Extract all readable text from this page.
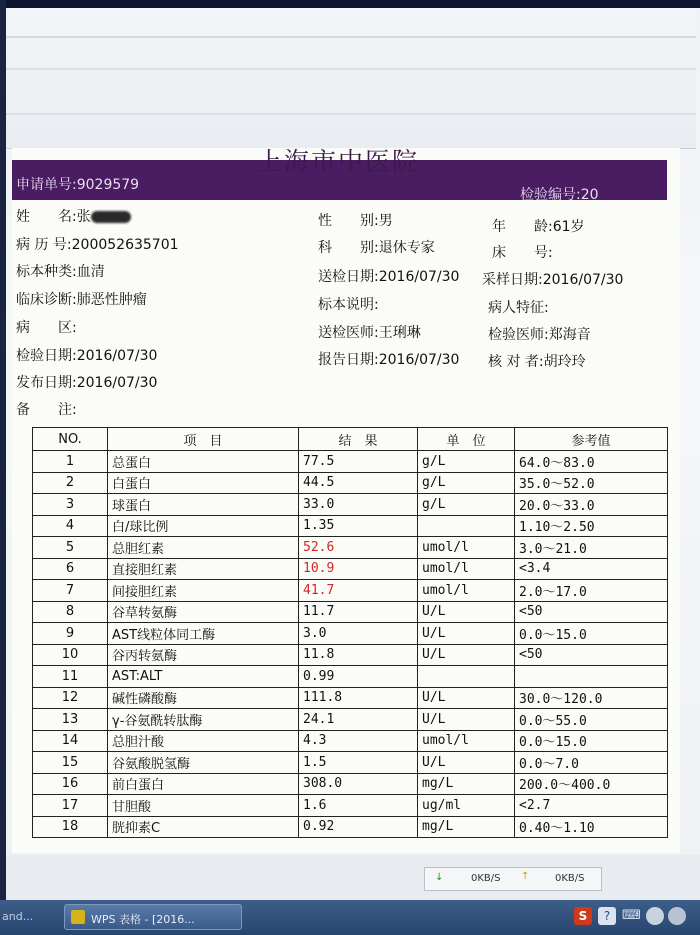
申请单号:9029579
检验编号:20
上海市中医院
姓　　名:张	性　　别:男	年　　龄:61岁
病 历 号:200052635701	科　　别:退休专家	床　　号:
标本种类:血清	送检日期:2016/07/30 采样日期:2016/07/30
临床诊断:肺恶性肿瘤	标本说明:	病人特征:
病　　区:	送检医师:王琍琳	检验医师:郑海音
检验日期:2016/07/30	报告日期:2016/07/30 核 对 者:胡玲玲
发布日期:2016/07/30
备　　注:
NO.	项　目	结　果	单　位	参考值
1	总蛋白	77.5	g/L	64.0～83.0
2	白蛋白	44.5	g/L	35.0～52.0
3	球蛋白	33.0	g/L	20.0～33.0
4	白/球比例	1.35		1.10～2.50
5	总胆红素	52.6	umol/l	3.0～21.0
6	直接胆红素	10.9	umol/l	<3.4
7	间接胆红素	41.7	umol/l	2.0～17.0
8	谷草转氨酶	11.7	U/L	<50
9	AST线粒体同工酶	3.0	U/L	0.0～15.0
10	谷丙转氨酶	11.8	U/L	<50
11	AST:ALT	0.99		
12	碱性磷酸酶	111.8	U/L	30.0～120.0
13	γ-谷氨酰转肽酶	24.1	U/L	0.0～55.0
14	总胆汁酸	4.3	umol/l	0.0～15.0
15	谷氨酸脱氢酶	1.5	U/L	0.0～7.0
16	前白蛋白	308.0	mg/L	200.0～400.0
17	甘胆酸	1.6	ug/ml	<2.7
18	胱抑素C	0.92	mg/L	0.40～1.10
↓	0KB/S ↑	0KB/S
and...	WPS 表格 - [2016...	S	? ⌨
